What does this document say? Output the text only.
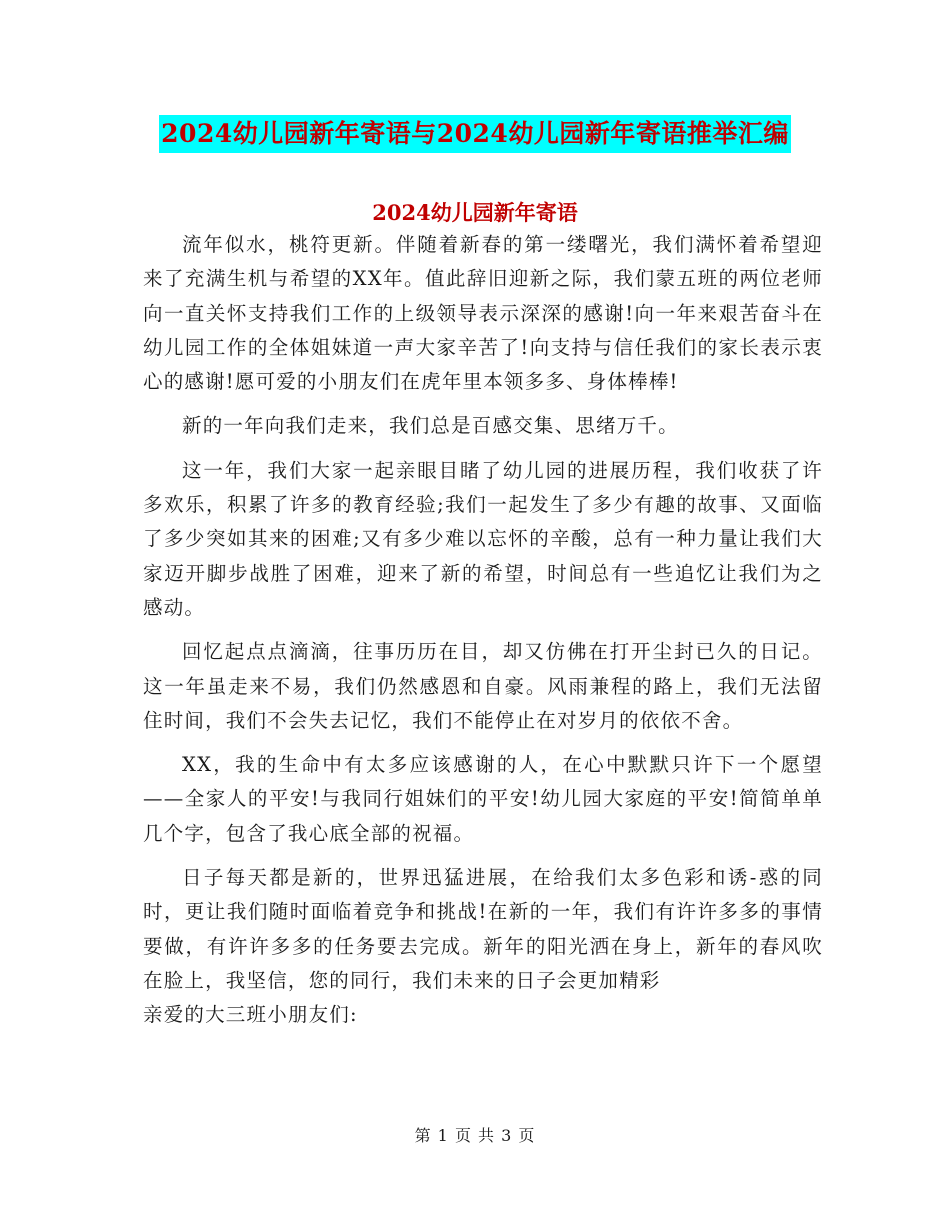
2024幼儿园新年寄语与2024幼儿园新年寄语推举汇编
2024幼儿园新年寄语

流年似水，桃符更新。伴随着新春的第一缕曙光，我们满怀着希望迎来了充满生机与希望的XX年。值此辞旧迎新之际，我们蒙五班的两位老师向一直关怀支持我们工作的上级领导表示深深的感谢!向一年来艰苦奋斗在幼儿园工作的全体姐妹道一声大家辛苦了!向支持与信任我们的家长表示衷心的感谢!愿可爱的小朋友们在虎年里本领多多、身体棒棒!

新的一年向我们走来，我们总是百感交集、思绪万千。

这一年，我们大家一起亲眼目睹了幼儿园的进展历程，我们收获了许多欢乐，积累了许多的教育经验;我们一起发生了多少有趣的故事、又面临了多少突如其来的困难;又有多少难以忘怀的辛酸，总有一种力量让我们大家迈开脚步战胜了困难，迎来了新的希望，时间总有一些追忆让我们为之感动。

回忆起点点滴滴，往事历历在目，却又仿佛在打开尘封已久的日记。这一年虽走来不易，我们仍然感恩和自豪。风雨兼程的路上，我们无法留住时间，我们不会失去记忆，我们不能停止在对岁月的依依不舍。

XX，我的生命中有太多应该感谢的人，在心中默默只许下一个愿望——全家人的平安!与我同行姐妹们的平安!幼儿园大家庭的平安!简简单单几个字，包含了我心底全部的祝福。

日子每天都是新的，世界迅猛进展，在给我们太多色彩和诱-惑的同时，更让我们随时面临着竞争和挑战!在新的一年，我们有许许多多的事情要做，有许许多多的任务要去完成。新年的阳光洒在身上，新年的春风吹在脸上，我坚信，您的同行，我们未来的日子会更加精彩

亲爱的大三班小朋友们:

第 1 页 共 3 页
